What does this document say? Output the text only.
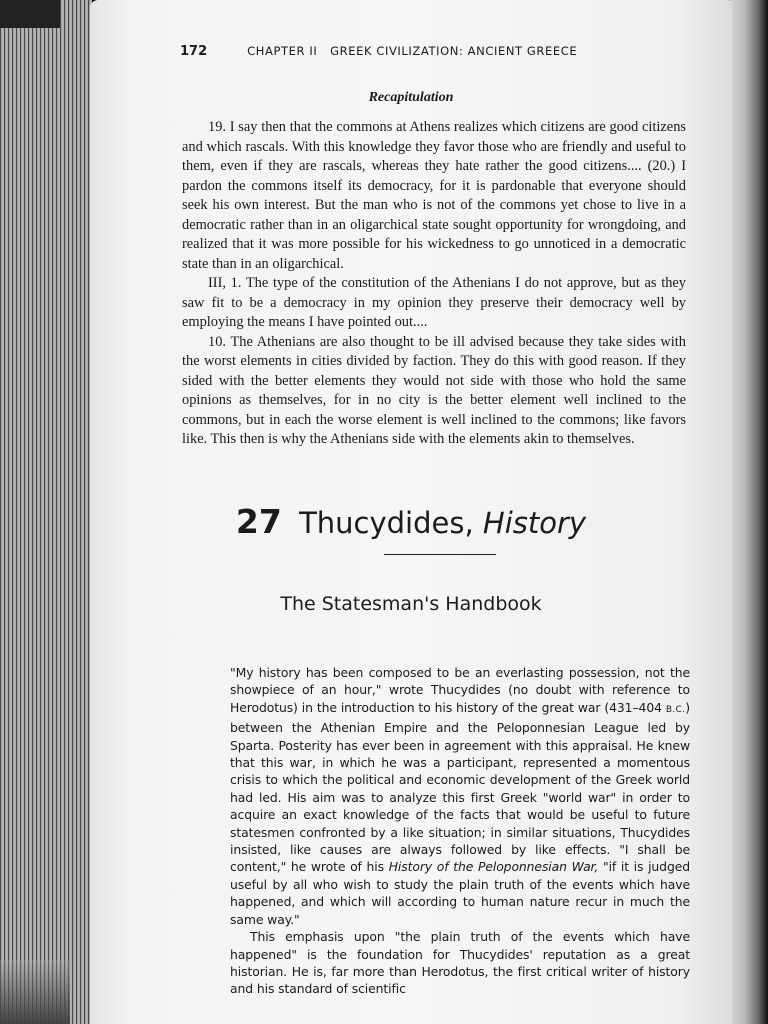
172	CHAPTER II   GREEK CIVILIZATION: ANCIENT GREECE
Recapitulation

19. I say then that the commons at Athens realizes which citizens are good citizens and which rascals. With this knowledge they favor those who are friendly and useful to them, even if they are rascals, whereas they hate rather the good citizens.... (20.) I pardon the commons itself its democracy, for it is pardonable that everyone should seek his own interest. But the man who is not of the commons yet chose to live in a democratic rather than in an oligarchical state sought opportunity for wrongdoing, and realized that it was more possible for his wickedness to go unnoticed in a democratic state than in an oligarchical.

III, 1. The type of the constitution of the Athenians I do not approve, but as they saw fit to be a democracy in my opinion they preserve their democracy well by employing the means I have pointed out....

10. The Athenians are also thought to be ill advised because they take sides with the worst elements in cities divided by faction. They do this with good reason. If they sided with the better elements they would not side with those who hold the same opinions as themselves, for in no city is the better element well inclined to the commons, but in each the worse element is well inclined to the commons; like favors like. This then is why the Athenians side with the elements akin to themselves.

27 Thucydides, History
The Statesman's Handbook

"My history has been composed to be an everlasting possession, not the showpiece of an hour," wrote Thucydides (no doubt with reference to Herodotus) in the introduction to his history of the great war (431–404 B.C.) between the Athenian Empire and the Peloponnesian League led by Sparta. Posterity has ever been in agreement with this appraisal. He knew that this war, in which he was a participant, represented a momentous crisis to which the political and economic development of the Greek world had led. His aim was to analyze this first Greek "world war" in order to acquire an exact knowledge of the facts that would be useful to future statesmen confronted by a like situation; in similar situations, Thucydides insisted, like causes are always followed by like effects. "I shall be content," he wrote of his History of the Peloponnesian War, "if it is judged useful by all who wish to study the plain truth of the events which have happened, and which will according to human nature recur in much the same way."

This emphasis upon "the plain truth of the events which have happened" is the foundation for Thucydides' reputation as a great historian. He is, far more than Herodotus, the first critical writer of history and his standard of scientific
